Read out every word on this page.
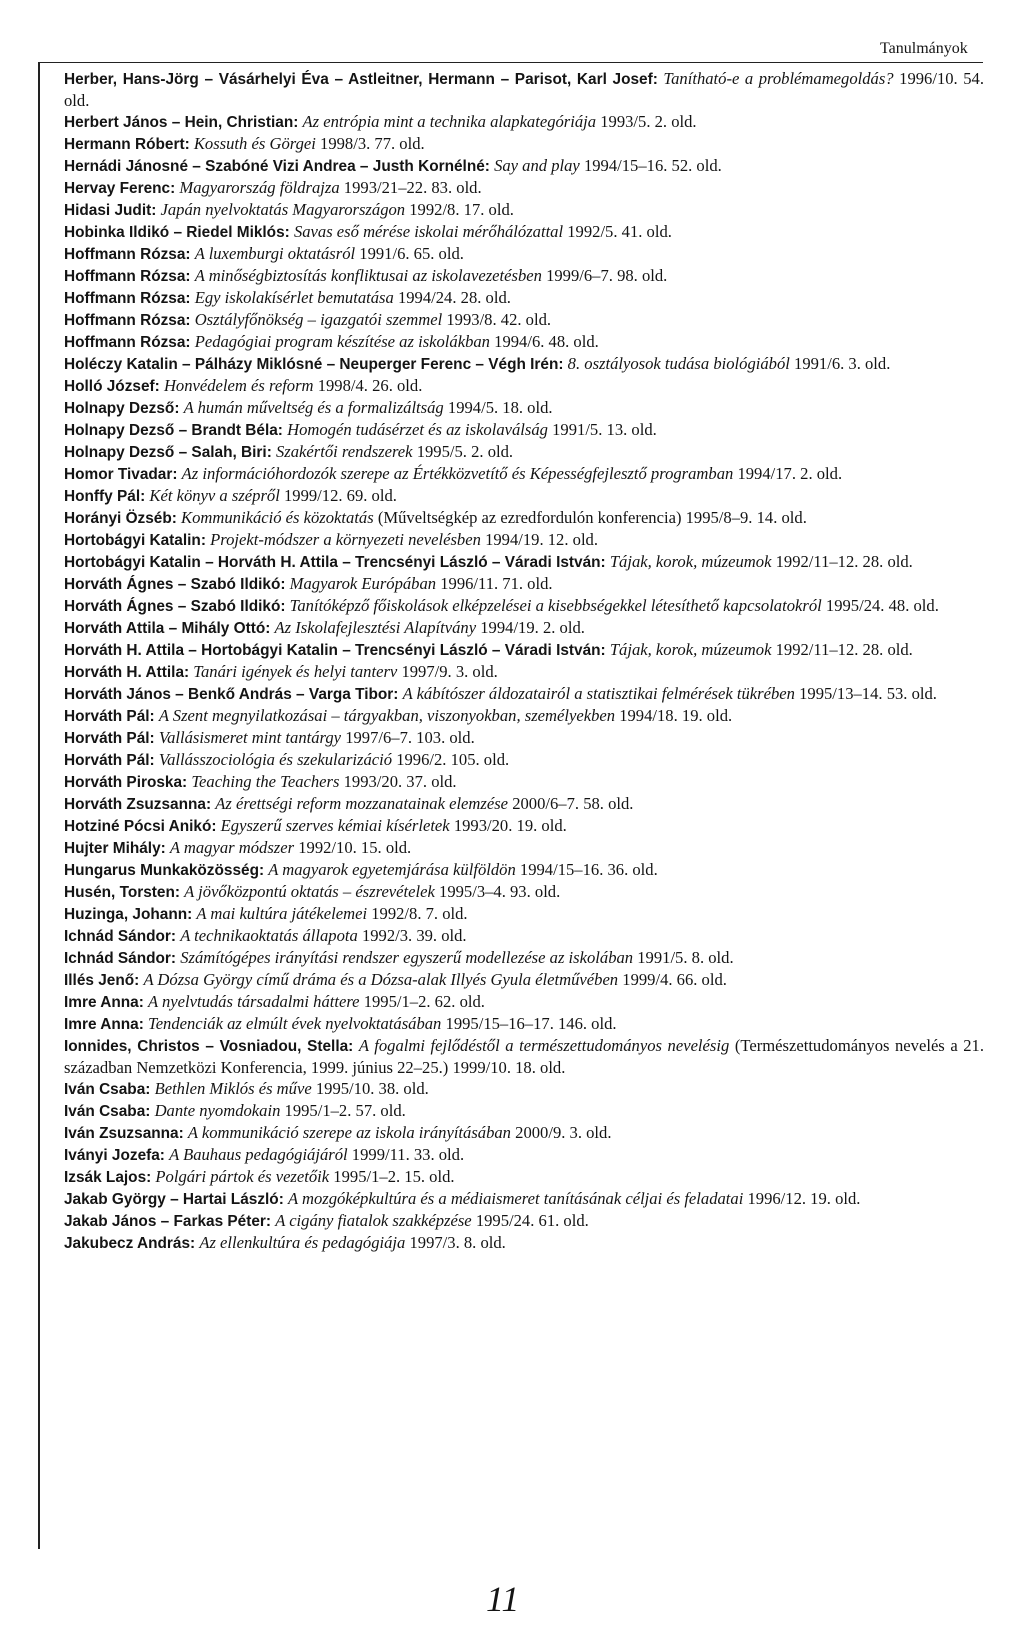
Tanulmányok
Herber, Hans-Jörg – Vásárhelyi Éva – Astleitner, Hermann – Parisot, Karl Josef: Tanítható-e a problémamegoldás? 1996/10. 54. old.
Herbert János – Hein, Christian: Az entrópia mint a technika alapkategóriája 1993/5. 2. old.
Hermann Róbert: Kossuth és Görgei 1998/3. 77. old.
Hernádi Jánosné – Szabóné Vizi Andrea – Justh Kornélné: Say and play 1994/15–16. 52. old.
Hervay Ferenc: Magyarország földrajza 1993/21–22. 83. old.
Hidasi Judit: Japán nyelvoktatás Magyarországon 1992/8. 17. old.
Hobinka Ildikó – Riedel Miklós: Savas eső mérése iskolai mérőhálózattal 1992/5. 41. old.
Hoffmann Rózsa: A luxemburgi oktatásról 1991/6. 65. old.
Hoffmann Rózsa: A minőségbiztosítás konfliktusai az iskolavezetésben 1999/6–7. 98. old.
Hoffmann Rózsa: Egy iskolakísérlet bemutatása 1994/24. 28. old.
Hoffmann Rózsa: Osztályfőnökség – igazgatói szemmel 1993/8. 42. old.
Hoffmann Rózsa: Pedagógiai program készítése az iskolákban 1994/6. 48. old.
Holéczy Katalin – Pálházy Miklósné – Neuperger Ferenc – Végh Irén: 8. osztályosok tudása biológiából 1991/6. 3. old.
Holló József: Honvédelem és reform 1998/4. 26. old.
Holnapy Dezső: A humán műveltség és a formalizáltság 1994/5. 18. old.
Holnapy Dezső – Brandt Béla: Homogén tudásérzet és az iskolaválság 1991/5. 13. old.
Holnapy Dezső – Salah, Biri: Szakértői rendszerek 1995/5. 2. old.
Homor Tivadar: Az információhordozók szerepe az Értékközvetítő és Képességfejlesztő programban 1994/17. 2. old.
Honffy Pál: Két könyv a szépről 1999/12. 69. old.
Horányi Özséb: Kommunikáció és közoktatás (Műveltségkép az ezredfordulón konferencia) 1995/8–9. 14. old.
Hortobágyi Katalin: Projekt-módszer a környezeti nevelésben 1994/19. 12. old.
Hortobágyi Katalin – Horváth H. Attila – Trencsényi László – Váradi István: Tájak, korok, múzeumok 1992/11–12. 28. old.
Horváth Ágnes – Szabó Ildikó: Magyarok Európában 1996/11. 71. old.
Horváth Ágnes – Szabó Ildikó: Tanítóképző főiskolások elképzelései a kisebbségekkel létesíthető kapcsolatokról 1995/24. 48. old.
Horváth Attila – Mihály Ottó: Az Iskolafejlesztési Alapítvány 1994/19. 2. old.
Horváth H. Attila – Hortobágyi Katalin – Trencsényi László – Váradi István: Tájak, korok, múzeumok 1992/11–12. 28. old.
Horváth H. Attila: Tanári igények és helyi tanterv 1997/9. 3. old.
Horváth János – Benkő András – Varga Tibor: A kábítószer áldozatairól a statisztikai felmérések tükrében 1995/13–14. 53. old.
Horváth Pál: A Szent megnyilatkozásai – tárgyakban, viszonyokban, személyekben 1994/18. 19. old.
Horváth Pál: Vallásismeret mint tantárgy 1997/6–7. 103. old.
Horváth Pál: Vallásszociológia és szekularizáció 1996/2. 105. old.
Horváth Piroska: Teaching the Teachers 1993/20. 37. old.
Horváth Zsuzsanna: Az érettségi reform mozzanatainak elemzése 2000/6–7. 58. old.
Hotziné Pócsi Anikó: Egyszerű szerves kémiai kísérletek 1993/20. 19. old.
Hujter Mihály: A magyar módszer 1992/10. 15. old.
Hungarus Munkaközösség: A magyarok egyetemjárása külföldön 1994/15–16. 36. old.
Husén, Torsten: A jövőközpontú oktatás – észrevételek 1995/3–4. 93. old.
Huzinga, Johann: A mai kultúra játékelemei 1992/8. 7. old.
Ichnád Sándor: A technikaoktatás állapota 1992/3. 39. old.
Ichnád Sándor: Számítógépes irányítási rendszer egyszerű modellezése az iskolában 1991/5. 8. old.
Illés Jenő: A Dózsa György című dráma és a Dózsa-alak Illyés Gyula életművében 1999/4. 66. old.
Imre Anna: A nyelvtudás társadalmi háttere 1995/1–2. 62. old.
Imre Anna: Tendenciák az elmúlt évek nyelvoktatásában 1995/15–16–17. 146. old.
Ionnides, Christos – Vosniadou, Stella: A fogalmi fejlődéstől a természettudományos nevelésig (Természettudományos nevelés a 21. században Nemzetközi Konferencia, 1999. június 22–25.) 1999/10. 18. old.
Iván Csaba: Bethlen Miklós és műve 1995/10. 38. old.
Iván Csaba: Dante nyomdokain 1995/1–2. 57. old.
Iván Zsuzsanna: A kommunikáció szerepe az iskola irányításában 2000/9. 3. old.
Iványi Jozefa: A Bauhaus pedagógiájáról 1999/11. 33. old.
Izsák Lajos: Polgári pártok és vezetőik 1995/1–2. 15. old.
Jakab György – Hartai László: A mozgóképkultúra és a médiaismeret tanításának céljai és feladatai 1996/12. 19. old.
Jakab János – Farkas Péter: A cigány fiatalok szakképzése 1995/24. 61. old.
Jakubecz András: Az ellenkultúra és pedagógiája 1997/3. 8. old.
11
